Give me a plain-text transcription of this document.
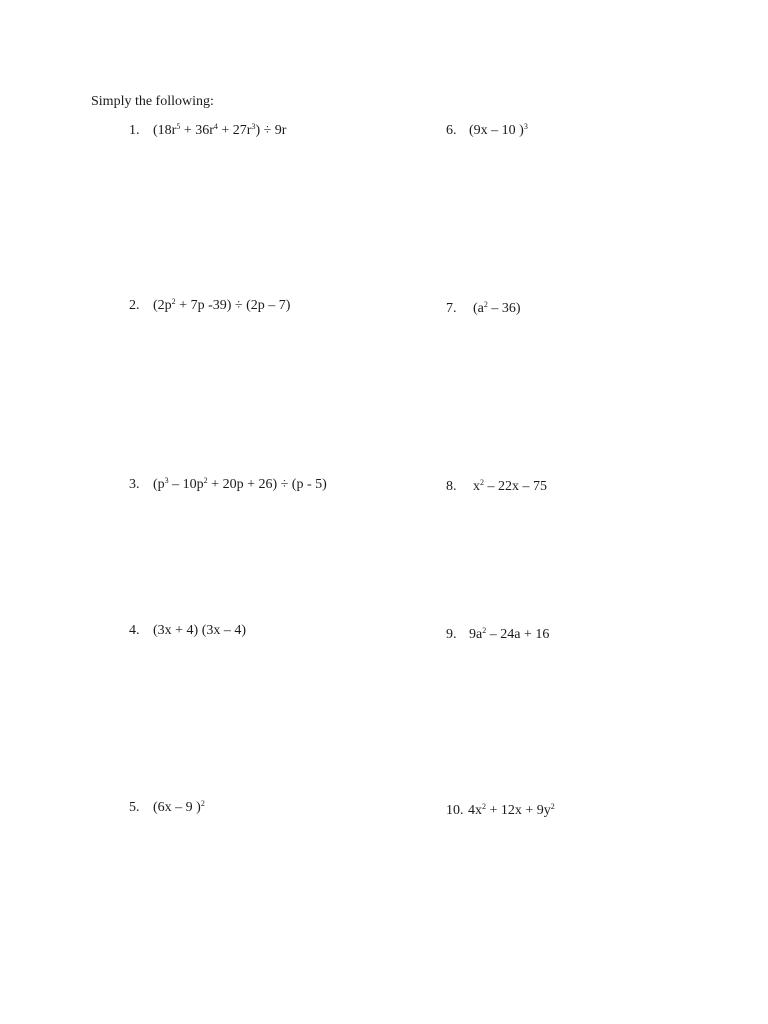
Simply the following:
1. $(18r^5 + 36r^4 + 27r^3) \div 9r$
2. ($2p^2 + 7p$ -39) ÷ (2p – 7)
3. $(p^3 - 10p^2 + 20p + 26) \div (p - 5)$
4. (3x + 4) (3x – 4)
5. (6x – 9 )$^2$
6. (9x – 10 )$^3$
7. $(a^2 - 36)$
8. $x^2 - 22x - 75$
9. $9a^2 - 24a + 16$
10. $4x^2 + 12x + 9y^2$
